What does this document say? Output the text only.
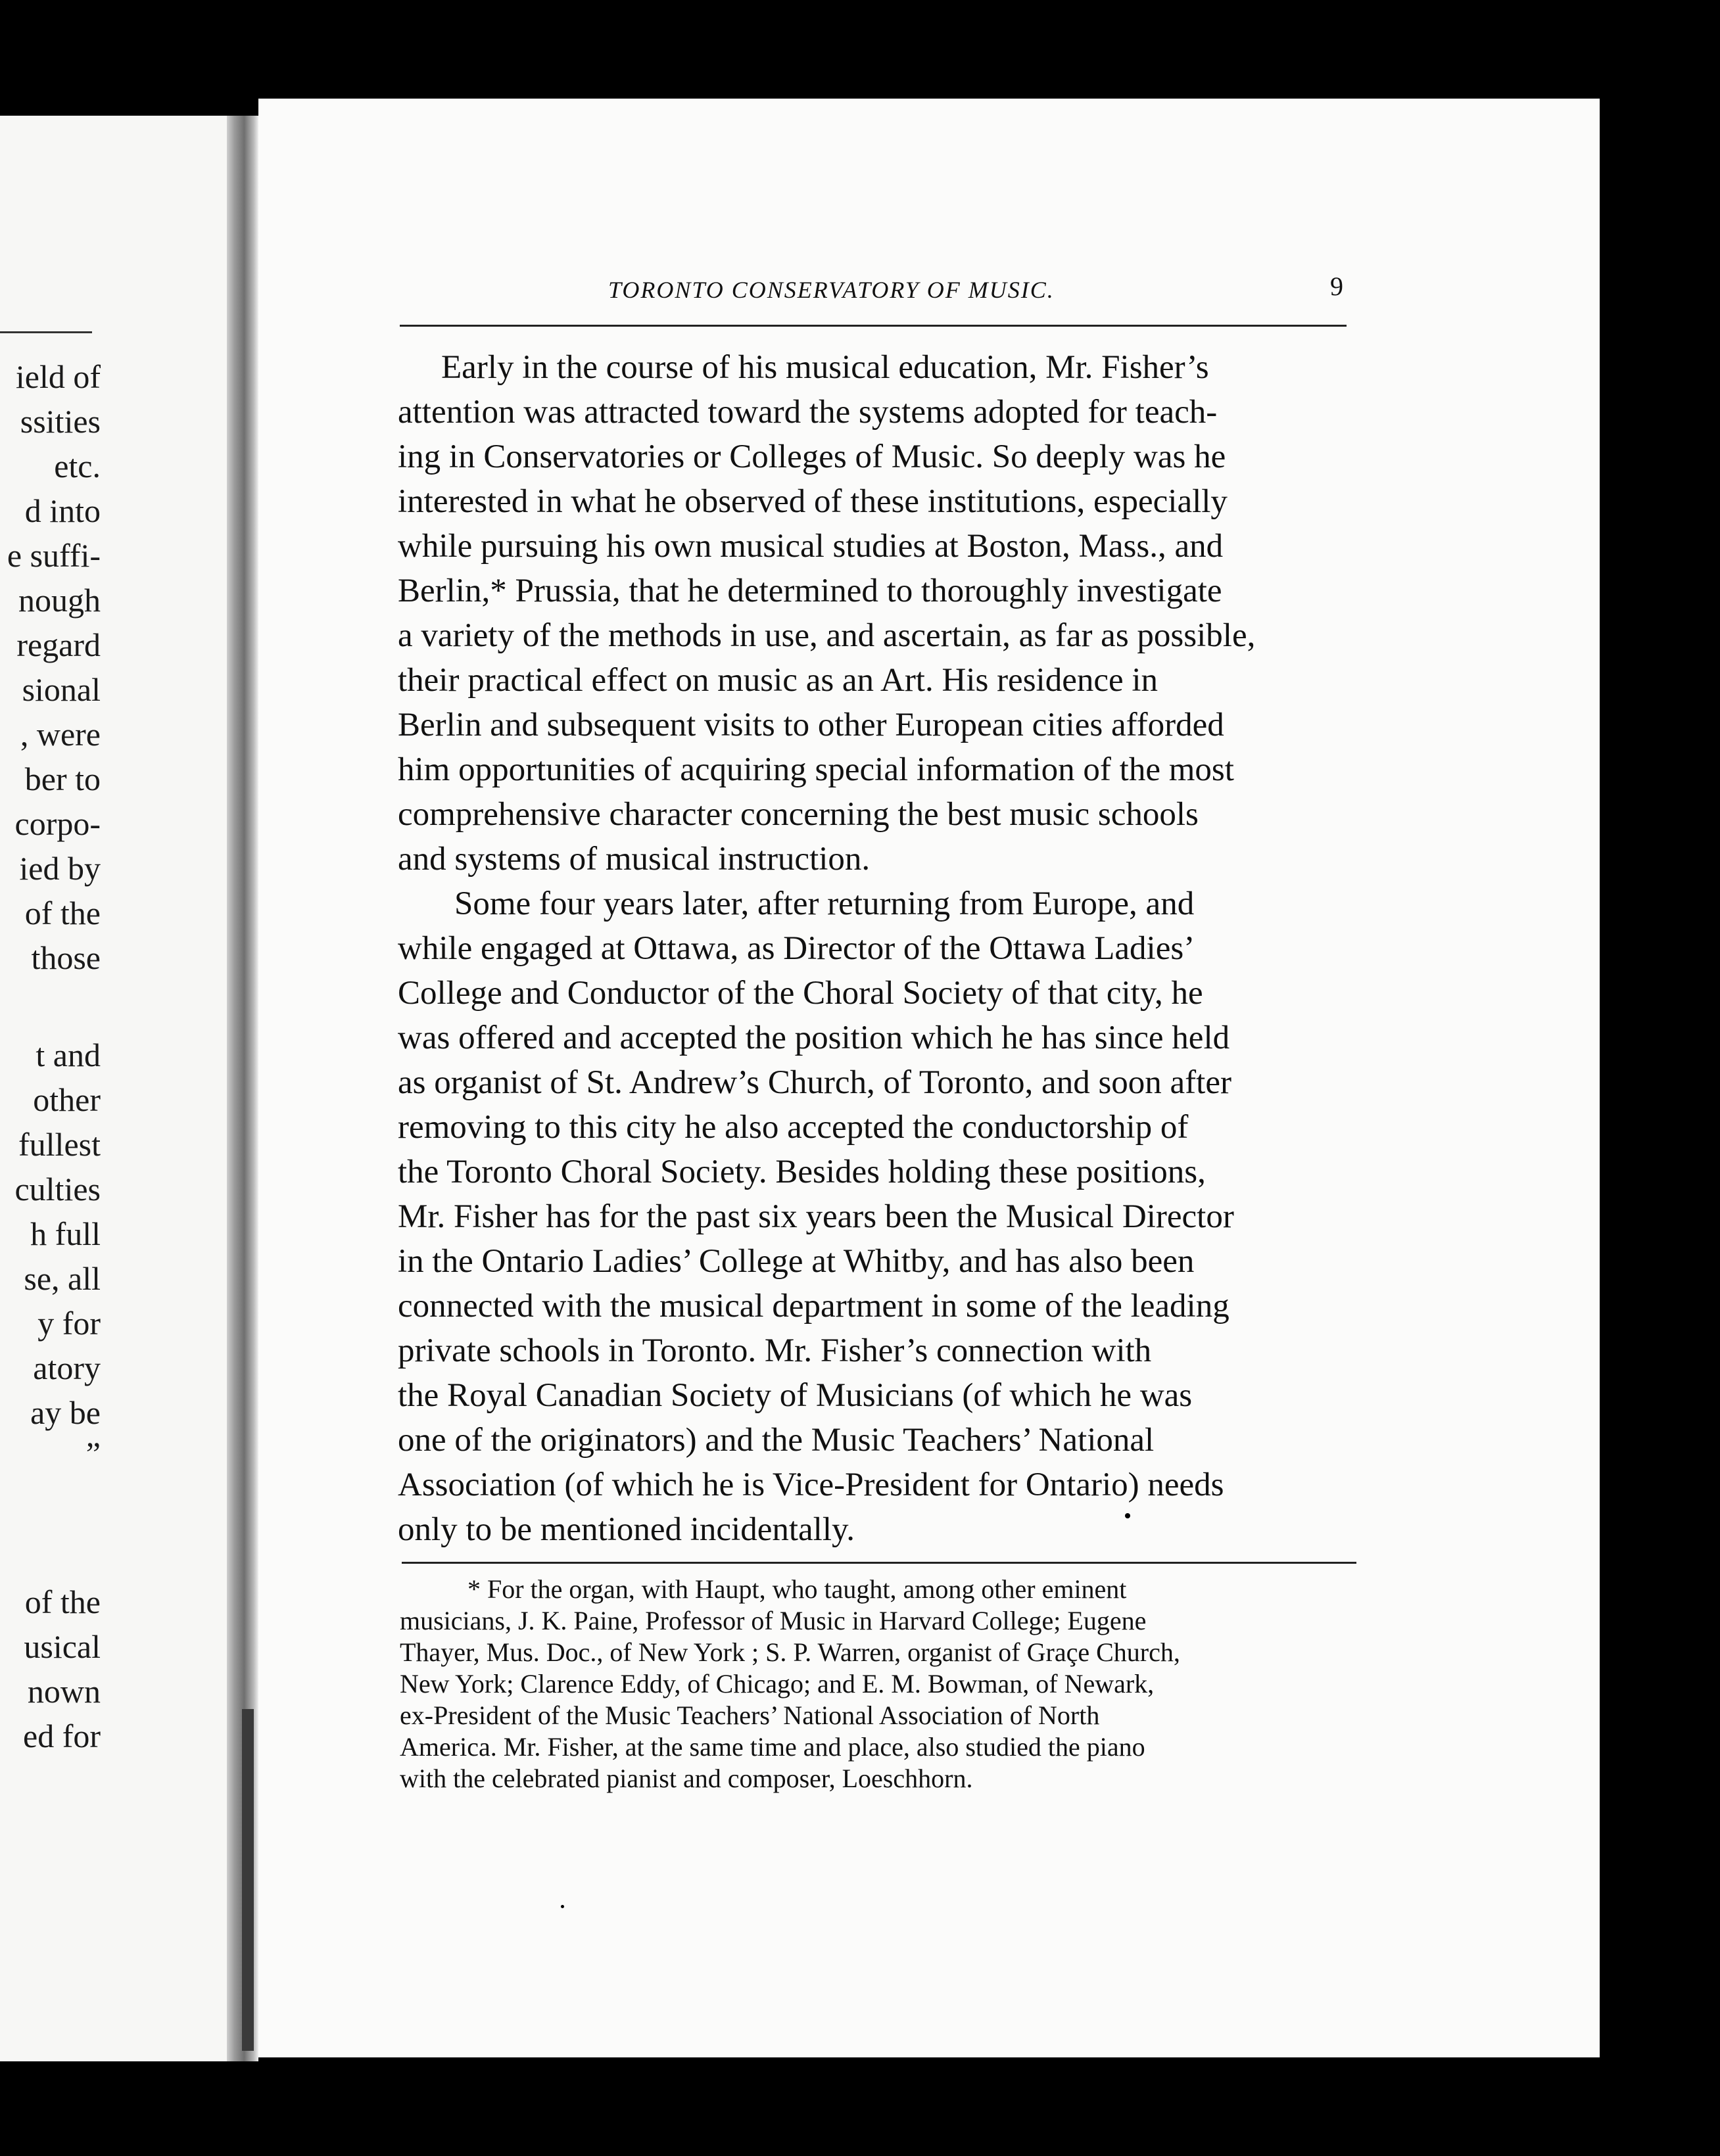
ield of
ssities
etc.
d into
e suffi-
nough
regard
sional
, were
ber to
corpo-
ied by
of the
those
t and
other
fullest
culties
h full
se, all
y for
atory
ay be
”
of the
usical
nown
ed for
TORONTO CONSERVATORY OF MUSIC.	9
Early in the course of his musical education, Mr. Fisher’s
attention was attracted toward the systems adopted for teach-
ing in Conservatories or Colleges of Music. So deeply was he
interested in what he observed of these institutions, especially
while pursuing his own musical studies at Boston, Mass., and
Berlin,* Prussia, that he determined to thoroughly investigate
a variety of the methods in use, and ascertain, as far as possible,
their practical effect on music as an Art. His residence in
Berlin and subsequent visits to other European cities afforded
him opportunities of acquiring special information of the most
comprehensive character concerning the best music schools
and systems of musical instruction.
Some four years later, after returning from Europe, and
while engaged at Ottawa, as Director of the Ottawa Ladies’
College and Conductor of the Choral Society of that city, he
was offered and accepted the position which he has since held
as organist of St. Andrew’s Church, of Toronto, and soon after
removing to this city he also accepted the conductorship of
the Toronto Choral Society. Besides holding these positions,
Mr. Fisher has for the past six years been the Musical Director
in the Ontario Ladies’ College at Whitby, and has also been
connected with the musical department in some of the leading
private schools in Toronto. Mr. Fisher’s connection with
the Royal Canadian Society of Musicians (of which he was
one of the originators) and the Music Teachers’ National
Association (of which he is Vice-President for Ontario) needs
only to be mentioned incidentally.
* For the organ, with Haupt, who taught, among other eminent
musicians, J. K. Paine, Professor of Music in Harvard College; Eugene
Thayer, Mus. Doc., of New York ; S. P. Warren, organist of Graçe Church,
New York; Clarence Eddy, of Chicago; and E. M. Bowman, of Newark,
ex-President of the Music Teachers’ National Association of North
America. Mr. Fisher, at the same time and place, also studied the piano
with the celebrated pianist and composer, Loeschhorn.
